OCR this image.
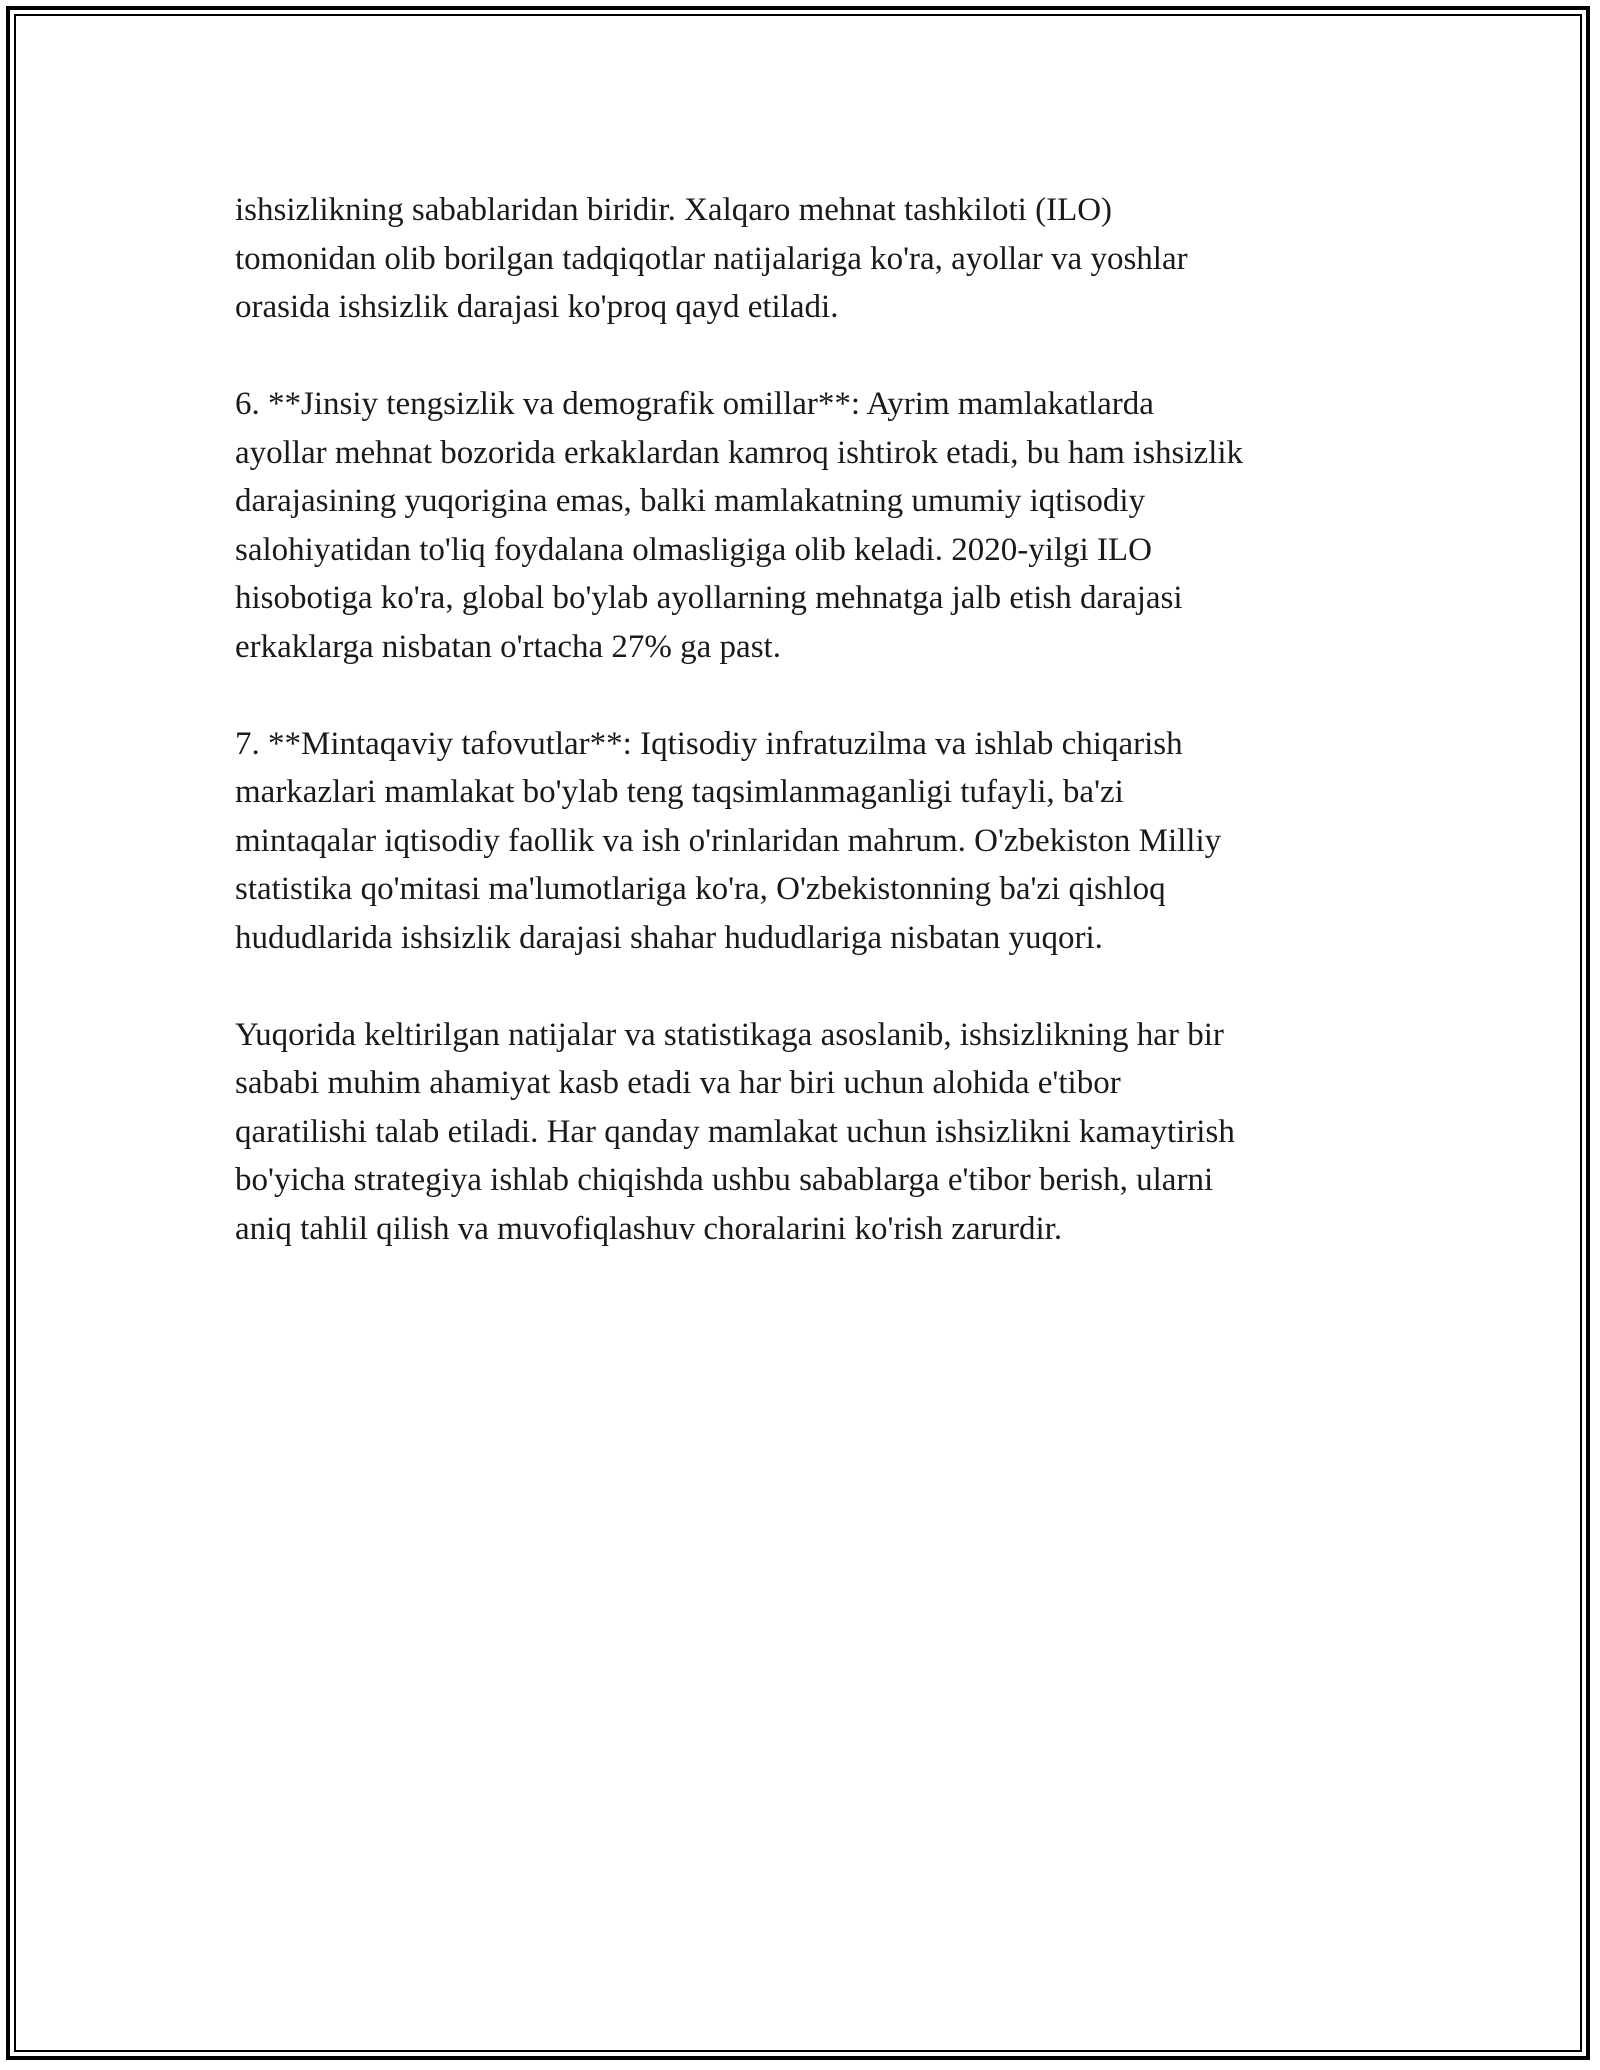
ishsizlikning sabablaridan biridir. Xalqaro mehnat tashkiloti (ILO)
tomonidan olib borilgan tadqiqotlar natijalariga ko'ra, ayollar va yoshlar
orasida ishsizlik darajasi ko'proq qayd etiladi.

6. **Jinsiy tengsizlik va demografik omillar**: Ayrim mamlakatlarda
ayollar mehnat bozorida erkaklardan kamroq ishtirok etadi, bu ham ishsizlik
darajasining yuqorigina emas, balki mamlakatning umumiy iqtisodiy
salohiyatidan to'liq foydalana olmasligiga olib keladi. 2020-yilgi ILO
hisobotiga ko'ra, global bo'ylab ayollarning mehnatga jalb etish darajasi
erkaklarga nisbatan o'rtacha 27% ga past.

7. **Mintaqaviy tafovutlar**: Iqtisodiy infratuzilma va ishlab chiqarish
markazlari mamlakat bo'ylab teng taqsimlanmaganligi tufayli, ba'zi
mintaqalar iqtisodiy faollik va ish o'rinlaridan mahrum. O'zbekiston Milliy
statistika qo'mitasi ma'lumotlariga ko'ra, O'zbekistonning ba'zi qishloq
hududlarida ishsizlik darajasi shahar hududlariga nisbatan yuqori.

Yuqorida keltirilgan natijalar va statistikaga asoslanib, ishsizlikning har bir
sababi muhim ahamiyat kasb etadi va har biri uchun alohida e'tibor
qaratilishi talab etiladi. Har qanday mamlakat uchun ishsizlikni kamaytirish
bo'yicha strategiya ishlab chiqishda ushbu sabablarga e'tibor berish, ularni
aniq tahlil qilish va muvofiqlashuv choralarini ko'rish zarurdir.
